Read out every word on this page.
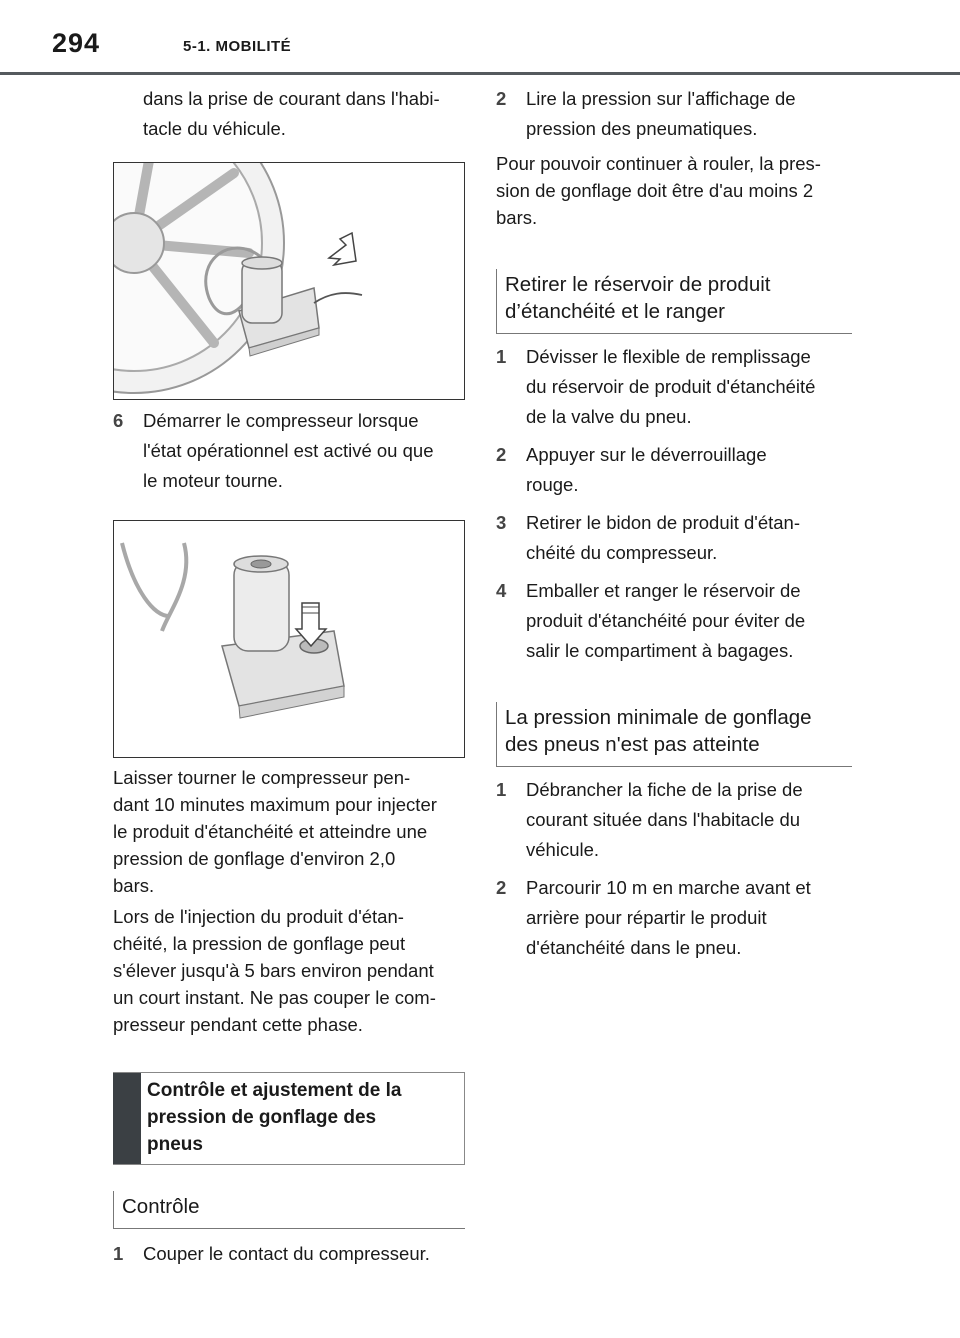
294	5-1. MOBILITÉ

dans la prise de courant dans l'habi-

tacle du véhicule.

6	Démarrer le compresseur lorsque
l'état opérationnel est activé ou que
le moteur tourne.

Laisser tourner le compresseur pen-

dant 10 minutes maximum pour injecter

le produit d'étanchéité et atteindre une

pression de gonflage d'environ 2,0

bars.

Lors de l'injection du produit d'étan-

chéité, la pression de gonflage peut

s'élever jusqu'à 5 bars environ pendant

un court instant. Ne pas couper le com-

presseur pendant cette phase.

Contrôle et ajustement de la
pression de gonflage des
pneus
Contrôle
1	Couper le contact du compresseur.
2	Lire la pression sur l'affichage de
pression des pneumatiques.

Pour pouvoir continuer à rouler, la pres-

sion de gonflage doit être d'au moins 2

bars.

Retirer le réservoir de produit
d’étanchéité et le ranger
1	Dévisser le flexible de remplissage
du réservoir de produit d'étanchéité
de la valve du pneu.
2	Appuyer sur le déverrouillage
rouge.
3	Retirer le bidon de produit d'étan-
chéité du compresseur.
4	Emballer et ranger le réservoir de
produit d'étanchéité pour éviter de
salir le compartiment à bagages.
La pression minimale de gonflage
des pneus n'est pas atteinte
1	Débrancher la fiche de la prise de
courant située dans l'habitacle du
véhicule.
2	Parcourir 10 m en marche avant et
arrière pour répartir le produit
d'étanchéité dans le pneu.
